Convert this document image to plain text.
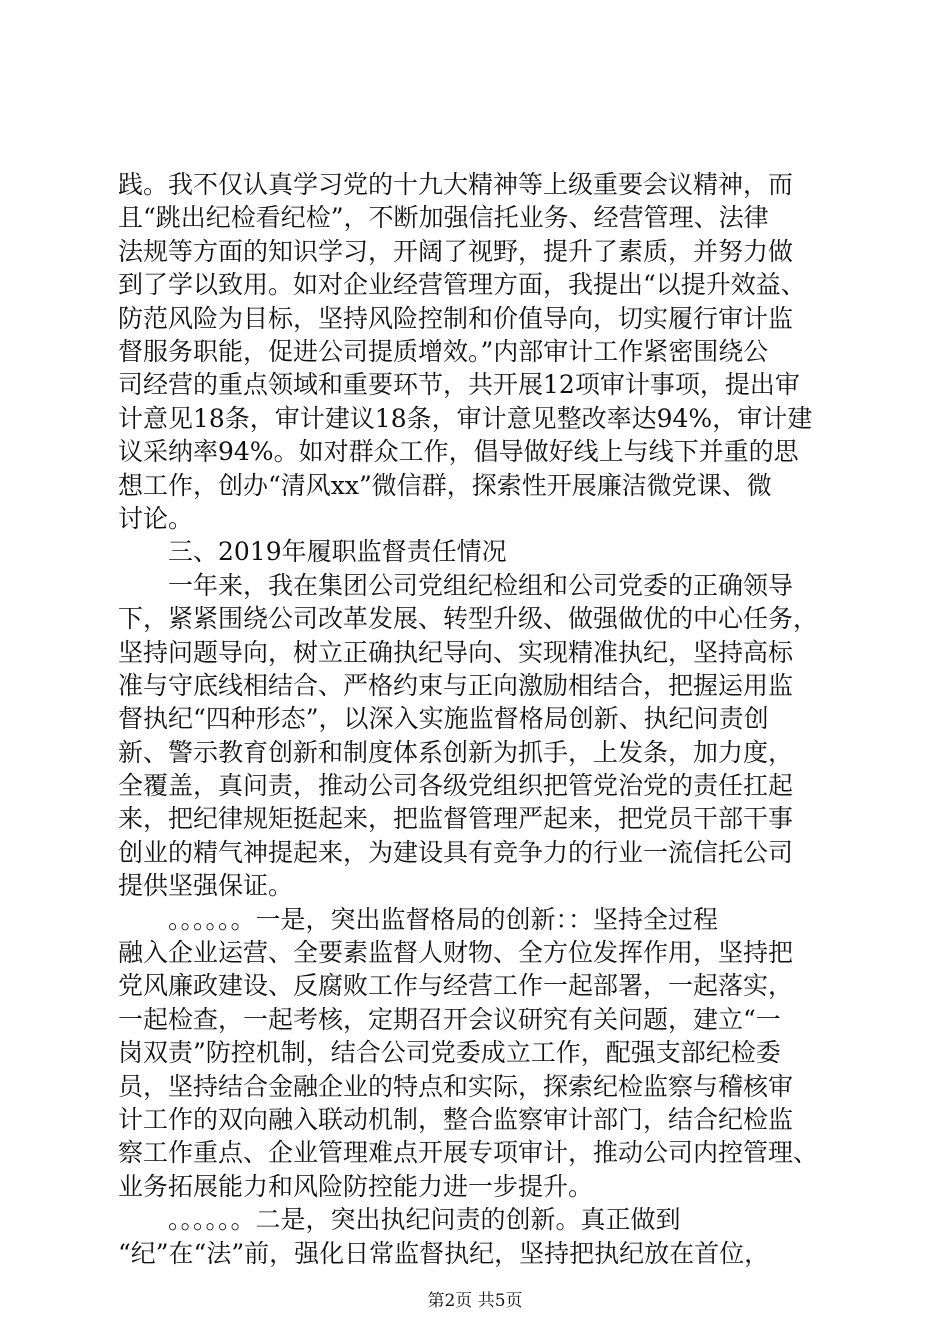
践。我不仅认真学习党的十九大精神等上级重要会议精神，而
且“跳出纪检看纪检”，不断加强信托业务、经营管理、法律
法规等方面的知识学习，开阔了视野，提升了素质，并努力做
到了学以致用。如对企业经营管理方面，我提出“以提升效益、
防范风险为目标，坚持风险控制和价值导向，切实履行审计监
督服务职能，促进公司提质增效。”内部审计工作紧密围绕公
司经营的重点领域和重要环节，共开展12项审计事项，提出审
计意见18条，审计建议18条，审计意见整改率达94%，审计建
议采纳率94%。如对群众工作，倡导做好线上与线下并重的思
想工作，创办“清风xx”微信群，探索性开展廉洁微党课、微
讨论。
三、2019年履职监督责任情况
一年来，我在集团公司党组纪检组和公司党委的正确领导
下，紧紧围绕公司改革发展、转型升级、做强做优的中心任务，
坚持问题导向，树立正确执纪导向、实现精准执纪，坚持高标
准与守底线相结合、严格约束与正向激励相结合，把握运用监
督执纪“四种形态”，以深入实施监督格局创新、执纪问责创
新、警示教育创新和制度体系创新为抓手，上发条，加力度，
全覆盖，真问责，推动公司各级党组织把管党治党的责任扛起
来，把纪律规矩挺起来，把监督管理严起来，把党员干部干事
创业的精气神提起来，为建设具有竞争力的行业一流信托公司
提供坚强保证。
。。。。。。一是，突出监督格局的创新：：坚持全过程
融入企业运营、全要素监督人财物、全方位发挥作用，坚持把
党风廉政建设、反腐败工作与经营工作一起部署，一起落实，
一起检查，一起考核，定期召开会议研究有关问题，建立“一
岗双责”防控机制，结合公司党委成立工作，配强支部纪检委
员，坚持结合金融企业的特点和实际，探索纪检监察与稽核审
计工作的双向融入联动机制，整合监察审计部门，结合纪检监
察工作重点、企业管理难点开展专项审计，推动公司内控管理、
业务拓展能力和风险防控能力进一步提升。
。。。。。。二是，突出执纪问责的创新。真正做到
“纪”在“法”前，强化日常监督执纪，坚持把执纪放在首位，
第2页 共5页
